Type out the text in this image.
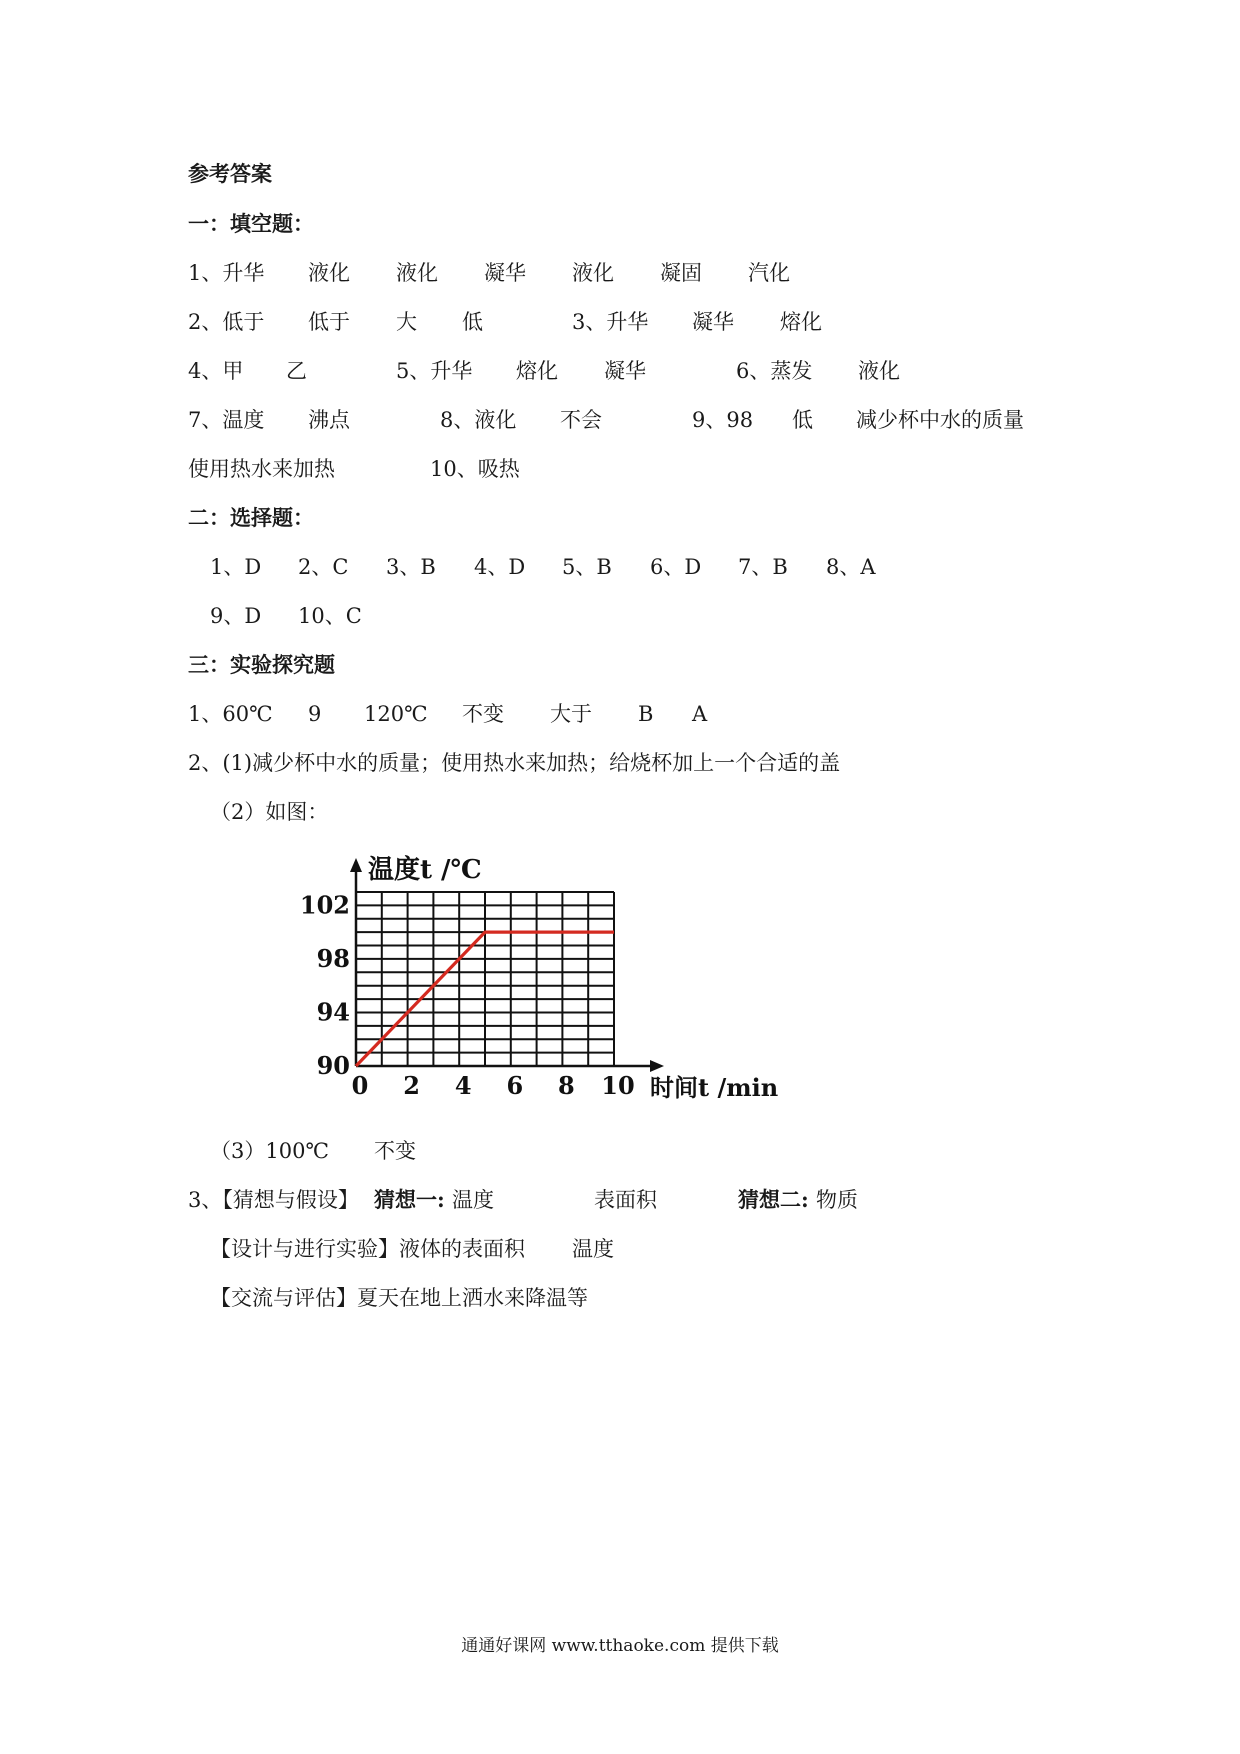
参考答案
一：填空题：
1、升华 液化 液化 凝华 液化 凝固 汽化
2、低于 低于 大 低	3、升华 凝华 熔化
4、甲 乙	5、升华 熔化 凝华	6、蒸发 液化
7、温度 沸点	8、液化 不会	9、98 低 减少杯中水的质量
使用热水来加热	10、吸热
二：选择题：
1、D 2、C 3、B 4、D 5、B 6、D 7、B 8、A
9、D 10、C
三：实验探究题
1、60℃ 9 120℃ 不变 大于 B A
2、(1)减少杯中水的质量；使用热水来加热；给烧杯加上一个合适的盖
（2）如图：
90
94
98
102
0 2 4 6 8 10
温度t /℃
时间t /min
（3）100℃ 不变
3、【猜想与假设】 猜想一: 温度	表面积	猜想二: 物质
【设计与进行实验】液体的表面积 温度
【交流与评估】夏天在地上洒水来降温等
通通好课网 www.tthaoke.com 提供下载
